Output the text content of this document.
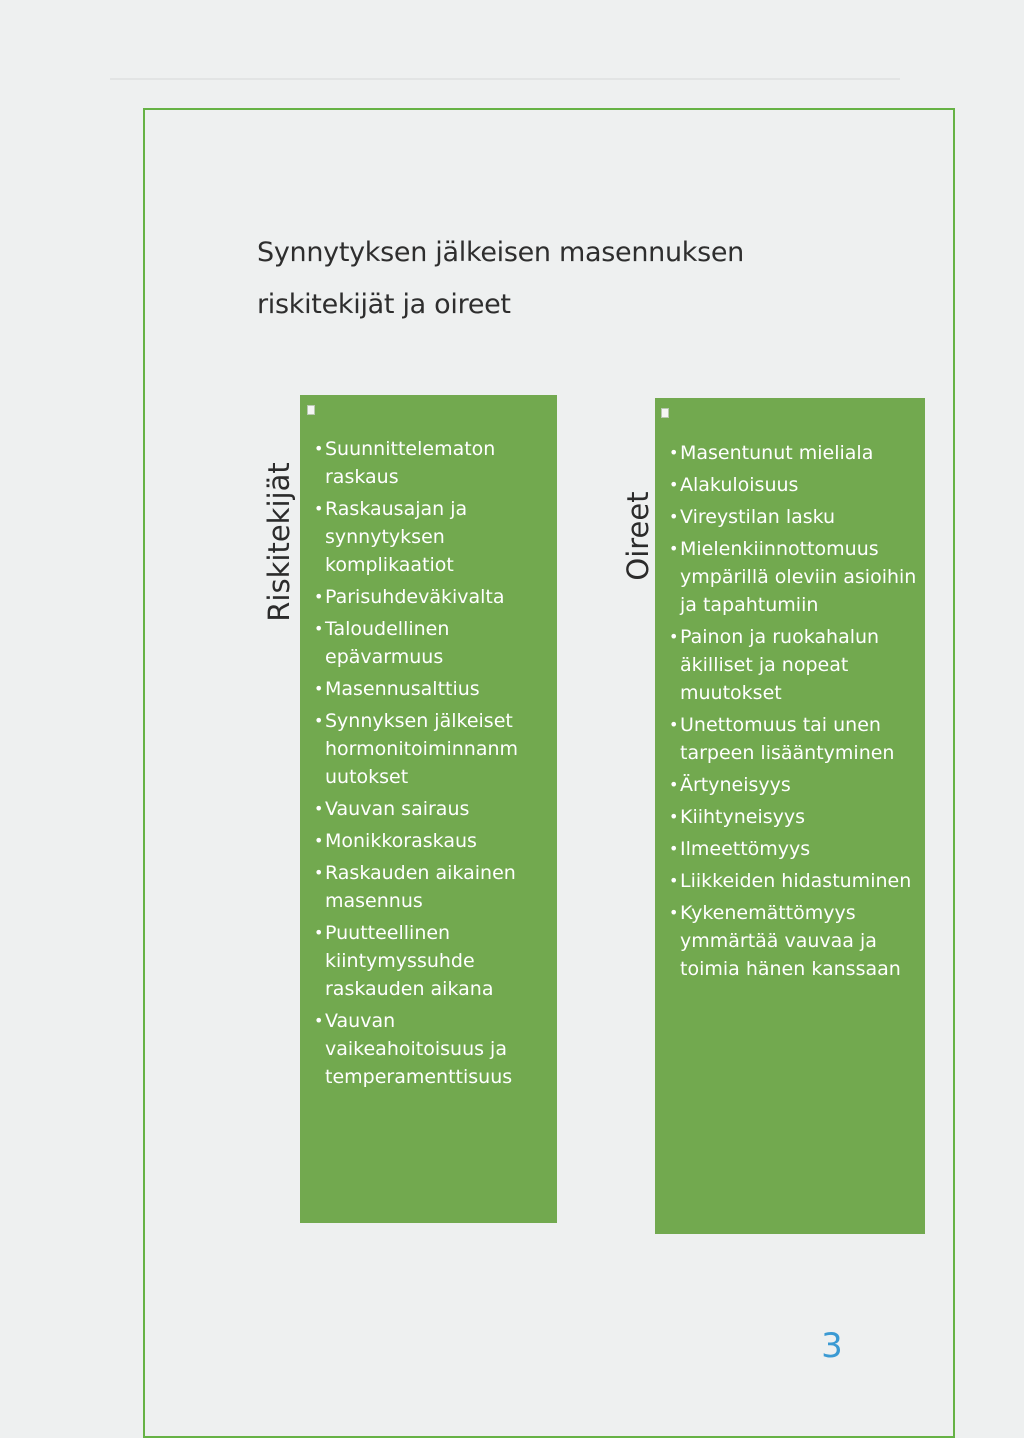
Synnytyksen jälkeisen masennuksen
riskitekijät ja oireet
Riskitekijät
• Suunnittelematon raskaus
• Raskausajan ja synnytyksen komplikaatiot
• Parisuhdeväkivalta
• Taloudellinen epävarmuus
• Masennusalttius
• Synnyksen jälkeiset hormonitoiminnanm uutokset
• Vauvan sairaus
• Monikkoraskaus
• Raskauden aikainen masennus
• Puutteellinen kiintymyssuhde raskauden aikana
• Vauvan vaikeahoitoisuus ja temperamenttisuus
Oireet
• Masentunut mieliala
• Alakuloisuus
• Vireystilan lasku
• Mielenkiinnottomuus ympärillä oleviin asioihin ja tapahtumiin
• Painon ja ruokahalun äkilliset ja nopeat muutokset
• Unettomuus tai unen tarpeen lisääntyminen
• Ärtyneisyys
• Kiihtyneisyys
• Ilmeettömyys
• Liikkeiden hidastuminen
• Kykenemättömyys ymmärtää vauvaa ja toimia hänen kanssaan
3
